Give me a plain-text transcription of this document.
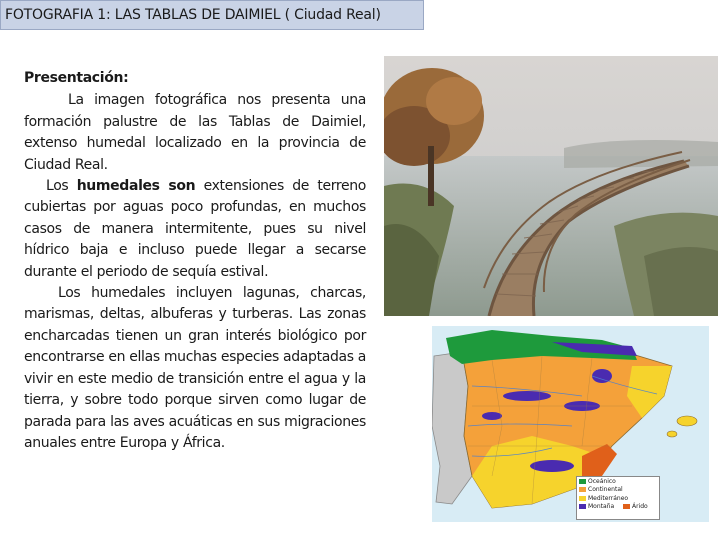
FOTOGRAFIA 1: LAS TABLAS DE DAIMIEL ( Ciudad Real)
Presentación:

La imagen fotográfica nos presenta una formación palustre de las Tablas de Daimiel, extenso humedal localizado en la provincia de Ciudad Real.

Los humedales son extensiones de terreno cubiertas por aguas poco profundas, en muchos casos de manera intermitente, pues su nivel hídrico baja e incluso puede llegar a secarse durante el periodo de sequía estival.

Los humedales incluyen lagunas, charcas, marismas, deltas, albuferas y turberas. Las zonas encharcadas tienen un gran interés biológico por encontrarse en ellas muchas especies adaptadas a vivir en este medio de transición entre el agua y la tierra, y sobre todo porque sirven como lugar de parada para las aves acuáticas en sus migraciones anuales entre Europa y África.

Oceánico
Continental
Mediterráneo
Montaña	Árido
